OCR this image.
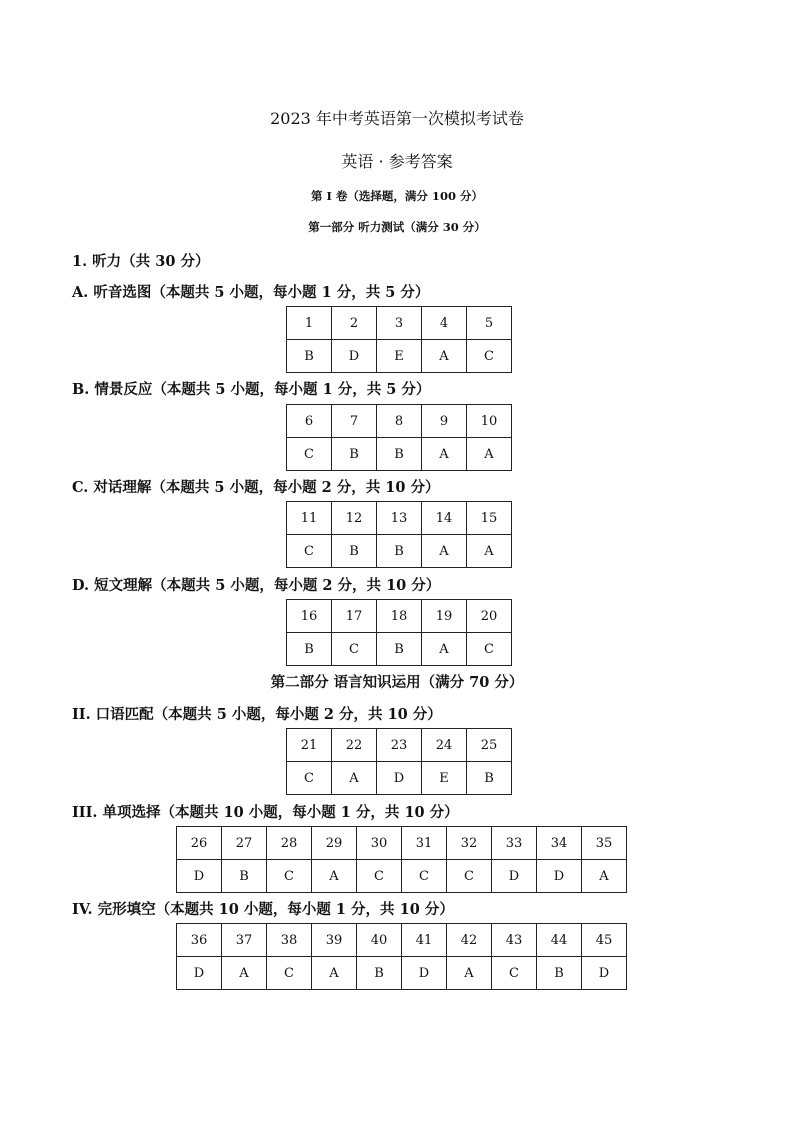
2023 年中考英语第一次模拟考试卷
英语 · 参考答案
第 I 卷（选择题，满分 100 分）
第一部分 听力测试（满分 30 分）
1. 听力（共 30 分）
A. 听音选图（本题共 5 小题，每小题 1 分，共 5 分）
1	2	3	4	5
B	D	E	A	C
B. 情景反应（本题共 5 小题，每小题 1 分，共 5 分）
6	7	8	9	10
C	B	B	A	A
C. 对话理解（本题共 5 小题，每小题 2 分，共 10 分）
11	12	13	14	15
C	B	B	A	A
D. 短文理解（本题共 5 小题，每小题 2 分，共 10 分）
16	17	18	19	20
B	C	B	A	C
第二部分 语言知识运用（满分 70 分）
II. 口语匹配（本题共 5 小题，每小题 2 分，共 10 分）
21	22	23	24	25
C	A	D	E	B
III. 单项选择（本题共 10 小题，每小题 1 分，共 10 分）
26	27	28	29	30	31	32	33	34	35
D	B	C	A	C	C	C	D	D	A
IV. 完形填空（本题共 10 小题，每小题 1 分，共 10 分）
36	37	38	39	40	41	42	43	44	45
D	A	C	A	B	D	A	C	B	D
